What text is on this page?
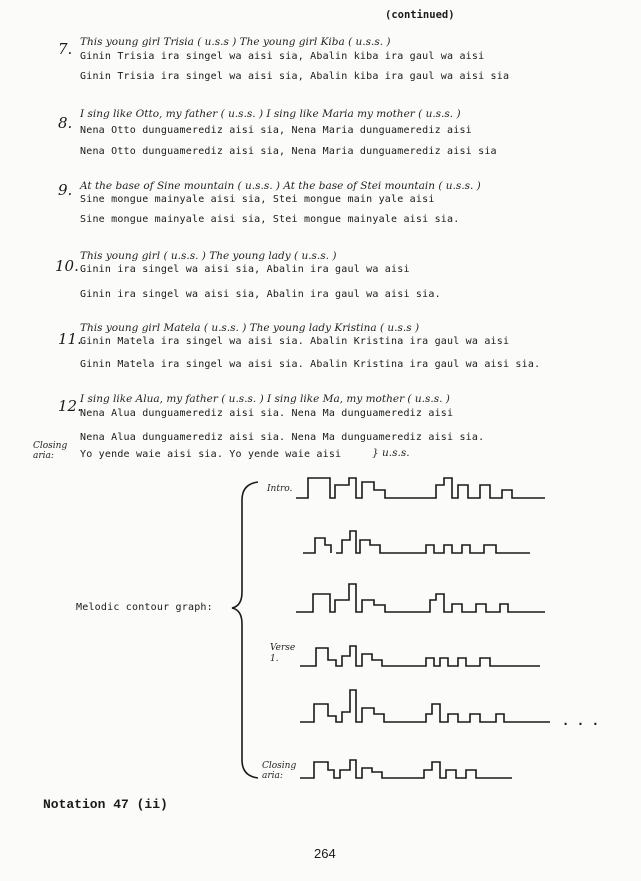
(continued)
7. This young girl Trisia ( u.s.s ) The young girl Kiba ( u.s.s. )
Ginin Trisia ira singel wa aisi sia, Abalin kiba ira gaul wa aisi
Ginin Trisia ira singel wa aisi sia, Abalin kiba ira gaul wa aisi sia
8. I sing like Otto, my father ( u.s.s. ) I sing like Maria my mother ( u.s.s. )
Nena Otto dunguamerediz aisi sia, Nena Maria dunguamerediz aisi
Nena Otto dunguamerediz aisi sia, Nena Maria dunguamerediz aisi sia
9. At the base of Sine mountain ( u.s.s. ) At the base of Stei mountain ( u.s.s. )
Sine mongue mainyale aisi sia, Stei mongue main yale aisi
Sine mongue mainyale aisi sia, Stei mongue mainyale aisi sia.
10.
This young girl ( u.s.s. ) The young lady ( u.s.s. )
Ginin ira singel wa aisi sia, Abalin ira gaul wa aisi
Ginin ira singel wa aisi sia, Abalin ira gaul wa aisi sia.
11.
This young girl Matela ( u.s.s. ) The young lady Kristina ( u.s.s )
Ginin Matela ira singel wa aisi sia. Abalin Kristina ira gaul wa aisi
Ginin Matela ira singel wa aisi sia. Abalin Kristina ira gaul wa aisi sia.
12.
I sing like Alua, my father ( u.s.s. ) I sing like Ma, my mother ( u.s.s. )
Nena Alua dunguamerediz aisi sia. Nena Ma dunguamerediz aisi
Nena Alua dunguamerediz aisi sia. Nena Ma dunguamerediz aisi sia.
Closing aria:	Yo yende waie aisi sia. Yo yende waie aisi	} u.s.s.
Melodic contour graph:
Intro.
Verse 1.
Closing aria:
. . .
Notation 47 (ii)
264
